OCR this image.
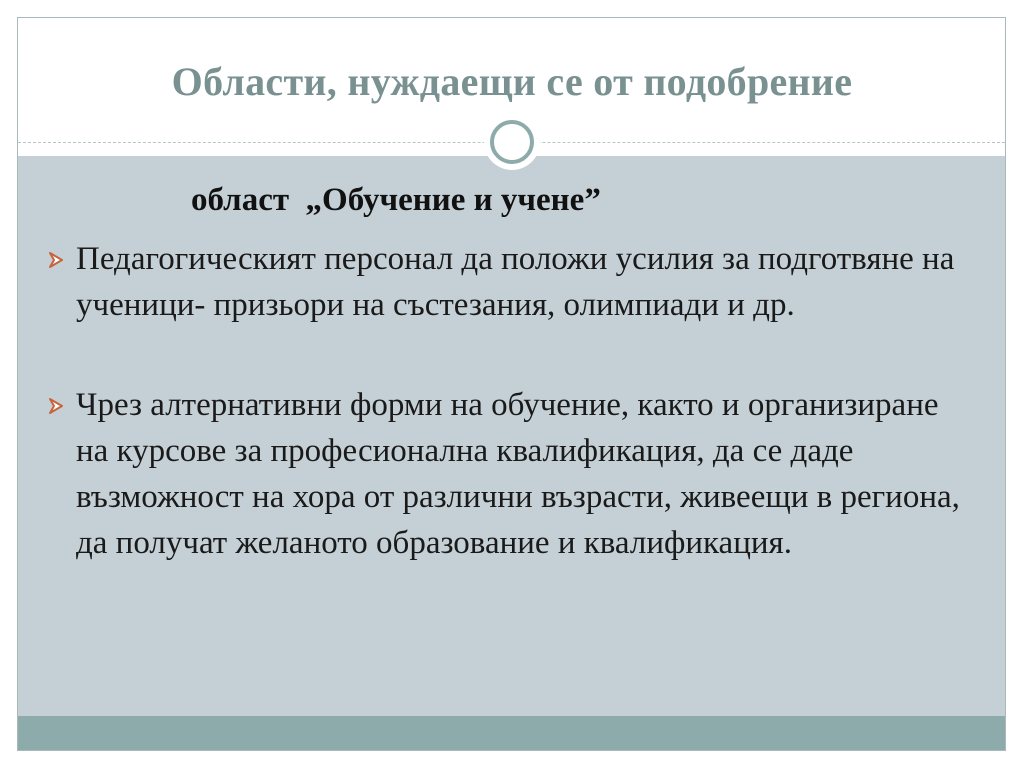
Области, нуждаещи се от подобрение

област  „Обучение и учене”

Педагогическият персонал да положи усилия за подготвяне на ученици- призьори на състезания, олимпиади и др.
Чрез алтернативни форми на обучение, както и организиране на курсове за професионална квалификация, да се даде възможност на хора от различни възрасти, живеещи в региона, да получат желаното образование и квалификация.
